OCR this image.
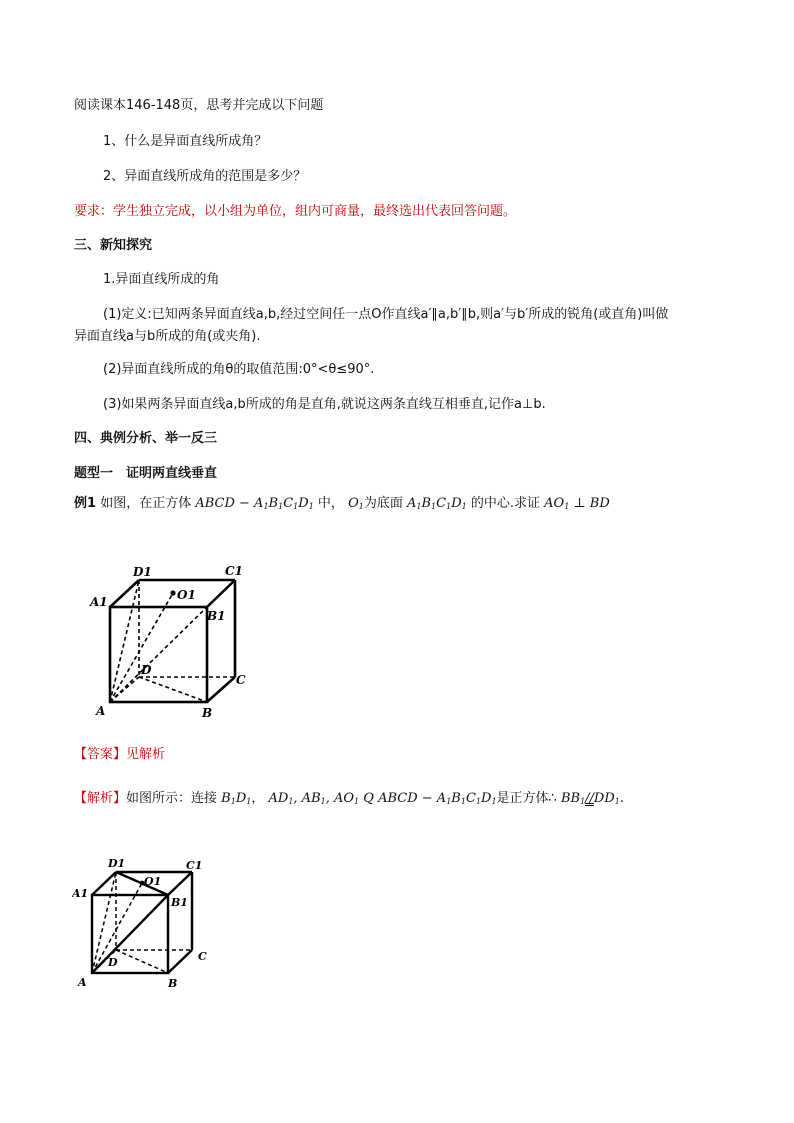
阅读课本146-148页，思考并完成以下问题
1、什么是异面直线所成角？
2、异面直线所成角的范围是多少？
要求：学生独立完成，以小组为单位，组内可商量，最终选出代表回答问题。
三、新知探究
1.异面直线所成的角
(1)定义:已知两条异面直线a,b,经过空间任一点O作直线a′∥a,b′∥b,则a′与b′所成的锐角(或直角)叫做
异面直线a与b所成的角(或夹角).
(2)异面直线所成的角θ的取值范围:0°<θ≤90°.
(3)如果两条异面直线a,b所成的角是直角,就说这两条直线互相垂直,记作a⊥b.
四、典例分析、举一反三
题型一　证明两直线垂直
例1 如图，在正方体 ABCD − $A_1B_1C_1D_1$ 中， $O_1$为底面 $A_1B_1C_1D_1$ 的中心.求证 $AO_1$ ⊥ BD
D1	C1
A1	O1
B1
D
C
A	B
【答案】见解析
【解析】如图所示：连接 $B_1D_1$， $AD_1$, $AB_1$, $AO_1$ Q ABCD − $A_1B_1C_1D_1$是正方体∴ $BB_1//DD_1$.
D1	C1
A1
O1
B1
D	C
A	B
